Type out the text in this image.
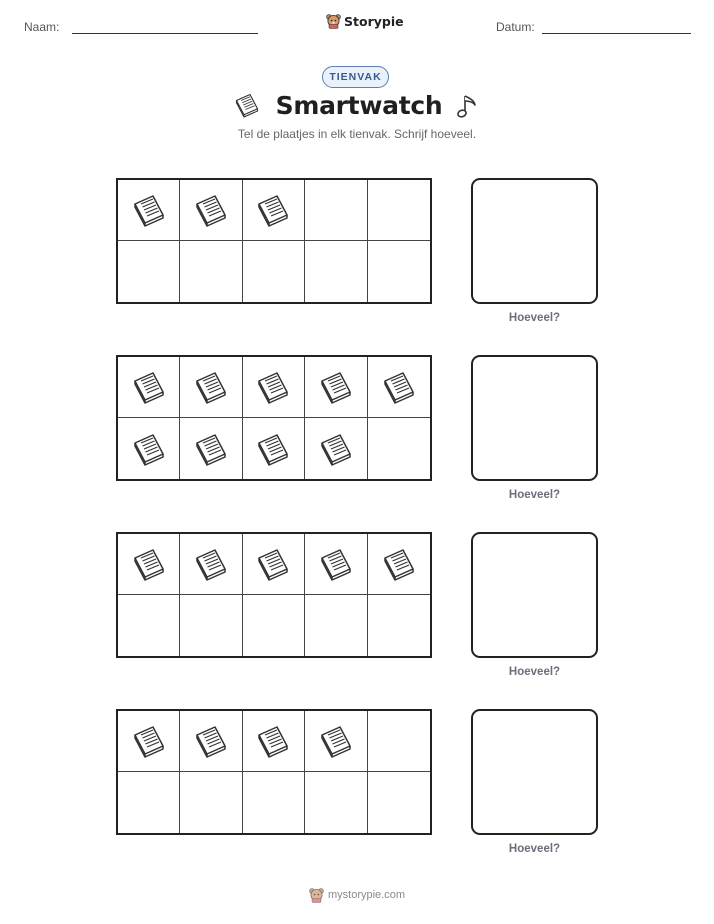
Naam:	Storypie	Datum:
TIENVAK
Smartwatch
Tel de plaatjes in elk tienvak. Schrijf hoeveel.
Hoeveel?
Hoeveel?
Hoeveel?
Hoeveel?
mystorypie.com
